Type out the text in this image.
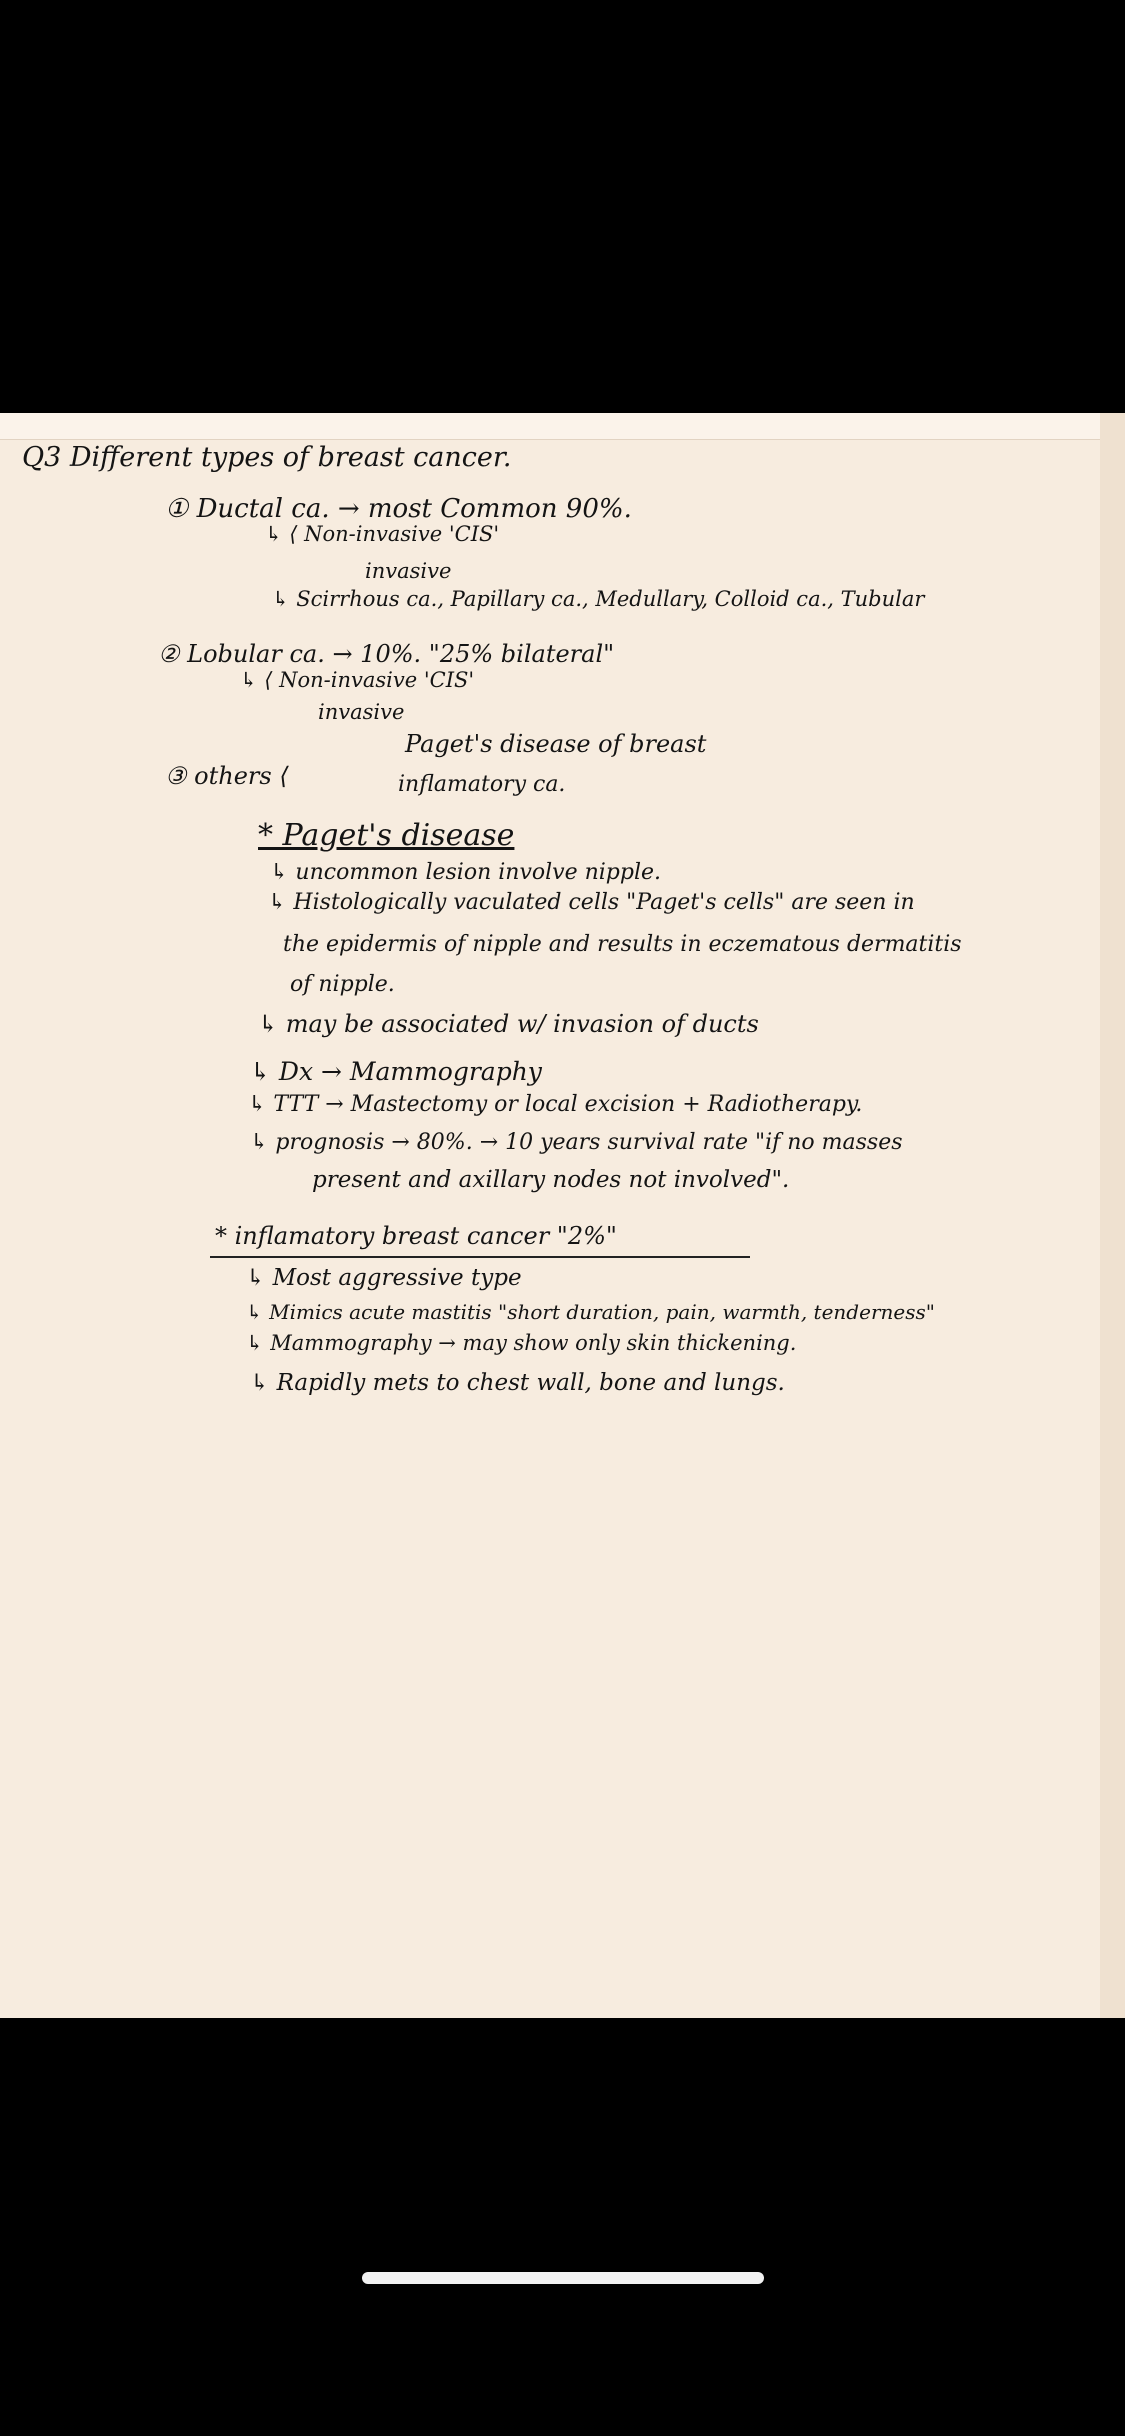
Q3 Different types of breast cancer.
① Ductal ca. → most Common 90%.
↳ ⟨ Non-invasive 'CIS'
invasive
↳ Scirrhous ca., Papillary ca., Medullary, Colloid ca., Tubular
② Lobular ca. → 10%. "25% bilateral"
↳ ⟨ Non-invasive 'CIS'
invasive
③ others ⟨
Paget's disease of breast
inflamatory ca.
* Paget's disease
↳ uncommon lesion involve nipple.
↳ Histologically vaculated cells "Paget's cells" are seen in
the epidermis of nipple and results in eczematous dermatitis
of nipple.
↳ may be associated w/ invasion of ducts
↳ Dx → Mammography
↳ TTT → Mastectomy or local excision + Radiotherapy.
↳ prognosis → 80%. → 10 years survival rate "if no masses
present and axillary nodes not involved".
* inflamatory breast cancer "2%"
↳ Most aggressive type
↳ Mimics acute mastitis "short duration, pain, warmth, tenderness"
↳ Mammography → may show only skin thickening.
↳ Rapidly mets to chest wall, bone and lungs.
